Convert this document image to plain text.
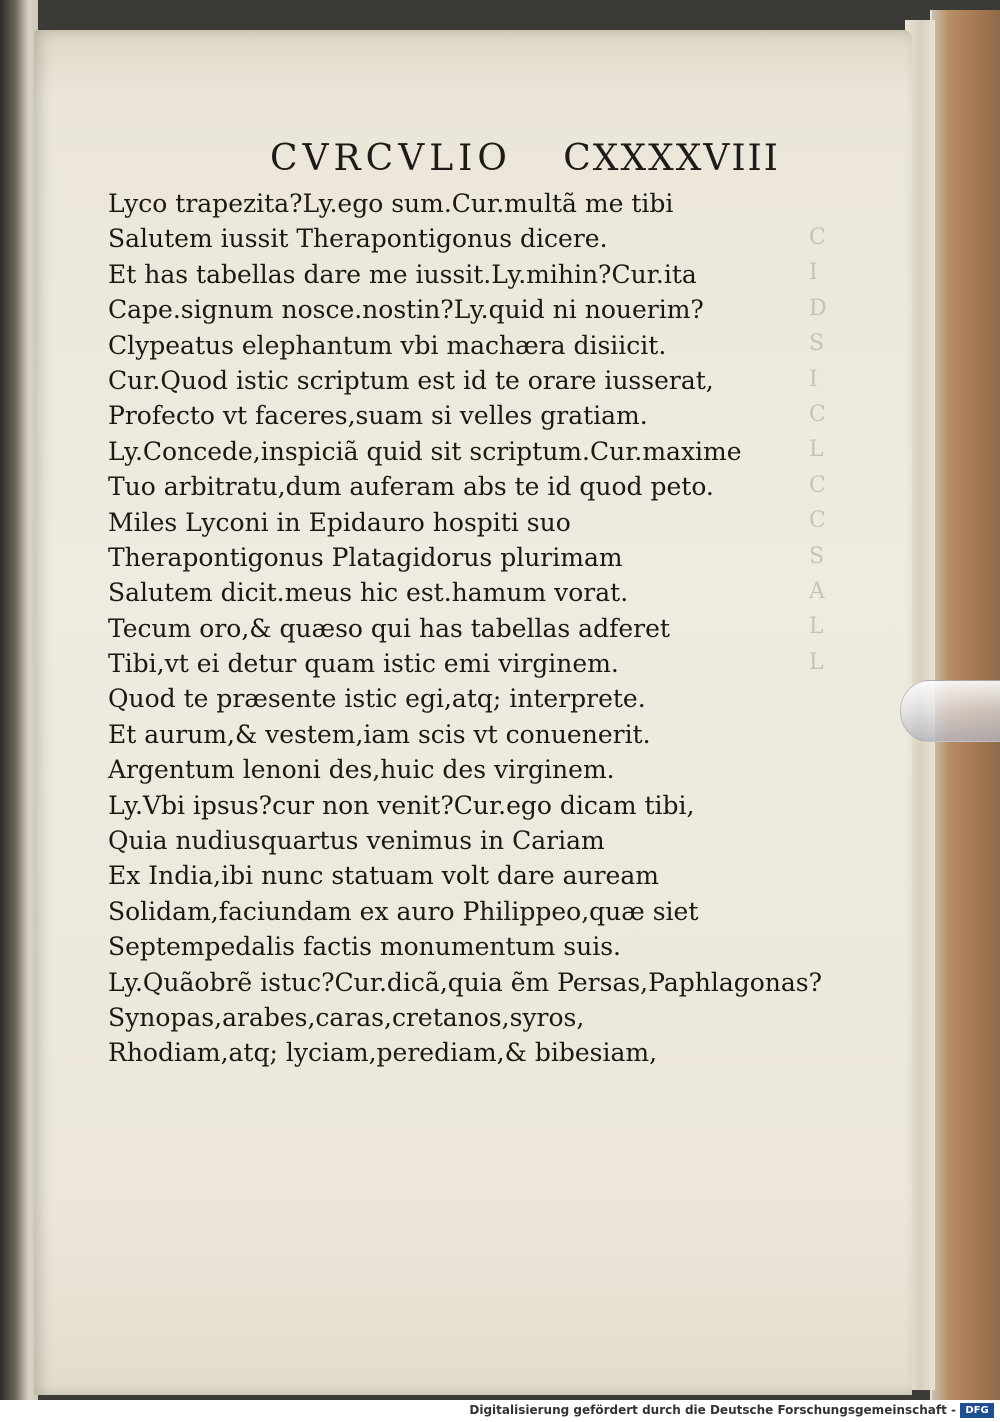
C
I
D
S
I
C
L
C
C
S
A
L
L
CVRCVLIO CXXXXVIII
Lyco trapezita?Ly.ego sum.Cur.multã me tibi
Salutem iussit Therapontigonus dicere.
Et has tabellas dare me iussit.Ly.mihin?Cur.ita
Cape.signum nosce.nostin?Ly.quid ni nouerim?
Clypeatus elephantum vbi machæra disiicit.
Cur.Quod istic scriptum est id te orare iusserat,
Profecto vt faceres,suam si velles gratiam.
Ly.Concede,inspiciã quid sit scriptum.Cur.maxime
Tuo arbitratu,dum auferam abs te id quod peto.
Miles Lyconi in Epidauro hospiti suo
Therapontigonus Platagidorus plurimam
Salutem dicit.meus hic est.hamum vorat.
Tecum oro,& quæso qui has tabellas adferet
Tibi,vt ei detur quam istic emi virginem.
Quod te præsente istic egi,atq; interprete.
Et aurum,& vestem,iam scis vt conuenerit.
Argentum lenoni des,huic des virginem.
Ly.Vbi ipsus?cur non venit?Cur.ego dicam tibi,
Quia nudiusquartus venimus in Cariam
Ex India,ibi nunc statuam volt dare auream
Solidam,faciundam ex auro Philippeo,quæ siet
Septempedalis factis monumentum suis.
Ly.Quãobrẽ istuc?Cur.dicã,quia ẽm Persas,Paphlagonas?
Synopas,arabes,caras,cretanos,syros,
Rhodiam,atq; lyciam,perediam,& bibesiam,
Digitalisierung gefördert durch die Deutsche Forschungsgemeinschaft - DFG
